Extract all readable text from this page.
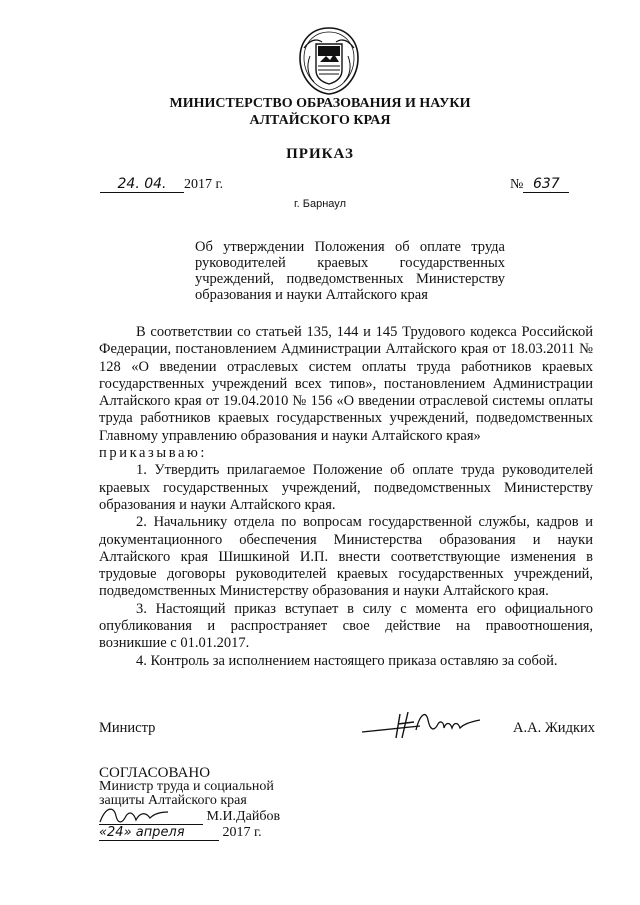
МИНИСТЕРСТВО ОБРАЗОВАНИЯ И НАУКИ
АЛТАЙСКОГО КРАЯ
ПРИКАЗ
24. 04. 2017 г.	№ 637
г. Барнаул
Об утверждении Положения об оплате труда руководителей краевых государственных учреждений, подведомственных Министерству образования и науки Алтайского края

В соответствии со статьей 135, 144 и 145 Трудового кодекса Российской Федерации, постановлением Администрации Алтайского края от 18.03.2011 № 128 «О введении отраслевых систем оплаты труда работников краевых государственных учреждений всех типов», постановлением Администрации Алтайского края от 19.04.2010 № 156 «О введении отраслевой системы оплаты труда работников краевых государственных учреждений, подведомственных Главному управлению образования и науки Алтайского края»

приказываю:

1. Утвердить прилагаемое Положение об оплате труда руководителей краевых государственных учреждений, подведомственных Министерству образования и науки Алтайского края.

2. Начальнику отдела по вопросам государственной службы, кадров и документационного обеспечения Министерства образования и науки Алтайского края Шишкиной И.П. внести соответствующие изменения в трудовые договоры руководителей краевых государственных учреждений, подведомственных Министерству образования и науки Алтайского края.

3. Настоящий приказ вступает в силу с момента его официального опубликования и распространяет свое действие на правоотношения, возникшие с 01.01.2017.

4. Контроль за исполнением настоящего приказа оставляю за собой.

Министр	А.А. Жидких
СОГЛАСОВАНО
Министр труда и социальной
защиты Алтайского края
М.И.Дайбов
«24» апреля	2017 г.
